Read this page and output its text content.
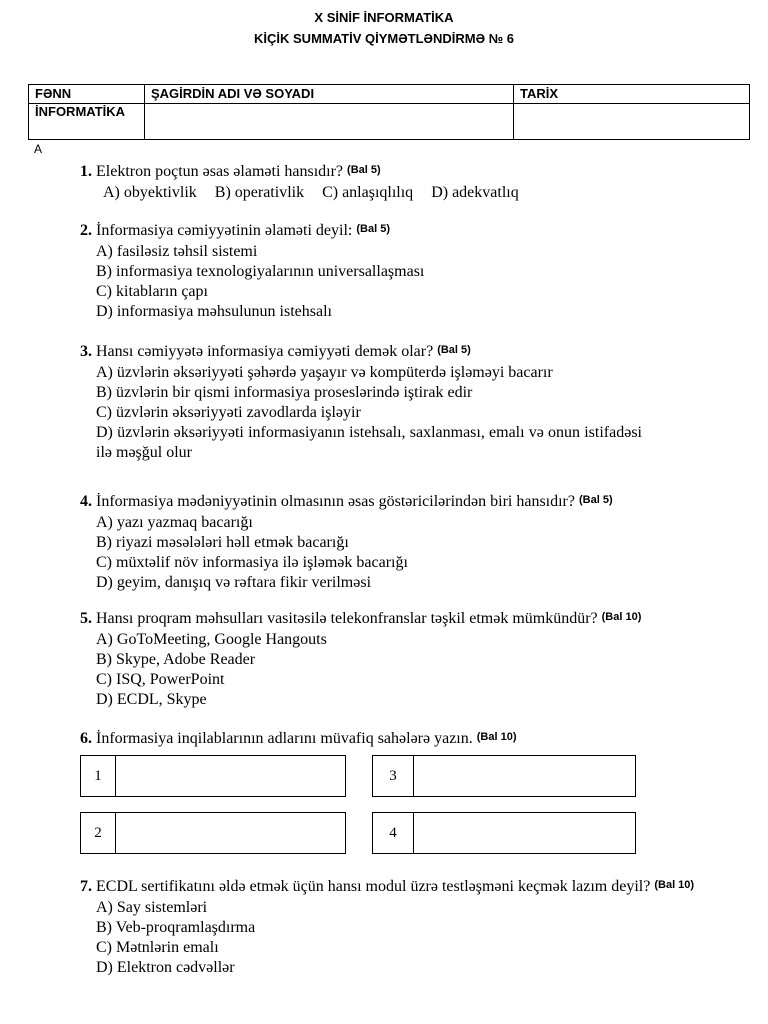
X SİNİF İNFORMATİKA
KİÇİK SUMMATİV QİYMƏTLƏNDİRMƏ № 6
FƏNN	ŞAGİRDİN ADI VƏ SOYADI	TARİX
İNFORMATİKA		
A
1. Elektron poçtun əsas əlaməti hansıdır? (Bal 5)
A) obyektivlik B) operativlik C) anlaşıqlılıq D) adekvatlıq
2. İnformasiya cəmiyyətinin əlaməti deyil: (Bal 5)
A) fasiləsiz təhsil sistemi
B) informasiya texnologiyalarının universallaşması
C) kitabların çapı
D) informasiya məhsulunun istehsalı
3. Hansı cəmiyyətə informasiya cəmiyyəti demək olar? (Bal 5)
A) üzvlərin əksəriyyəti şəhərdə yaşayır və kompüterdə işləməyi bacarır
B) üzvlərin bir qismi informasiya proseslərində iştirak edir
C) üzvlərin əksəriyyəti zavodlarda işləyir
D) üzvlərin əksəriyyəti informasiyanın istehsalı, saxlanması, emalı və onun istifadəsi ilə məşğul olur
4. İnformasiya mədəniyyətinin olmasının əsas göstəricilərindən biri hansıdır? (Bal 5)
A) yazı yazmaq bacarığı
B) riyazi məsələləri həll etmək bacarığı
C) müxtəlif növ informasiya ilə işləmək bacarığı
D) geyim, danışıq və rəftara fikir verilməsi
5. Hansı proqram məhsulları vasitəsilə telekonfranslar təşkil etmək mümkündür? (Bal 10)
A) GoToMeeting, Google Hangouts
B) Skype, Adobe Reader
C) ISQ, PowerPoint
D) ECDL, Skype
6. İnformasiya inqilablarının adlarını müvafiq sahələrə yazın. (Bal 10)
1
2
3
4
7. ECDL sertifikatını əldə etmək üçün hansı modul üzrə testləşməni keçmək lazım deyil? (Bal 10)
A) Say sistemləri
B) Veb-proqramlaşdırma
C) Mətnlərin emalı
D) Elektron cədvəllər
